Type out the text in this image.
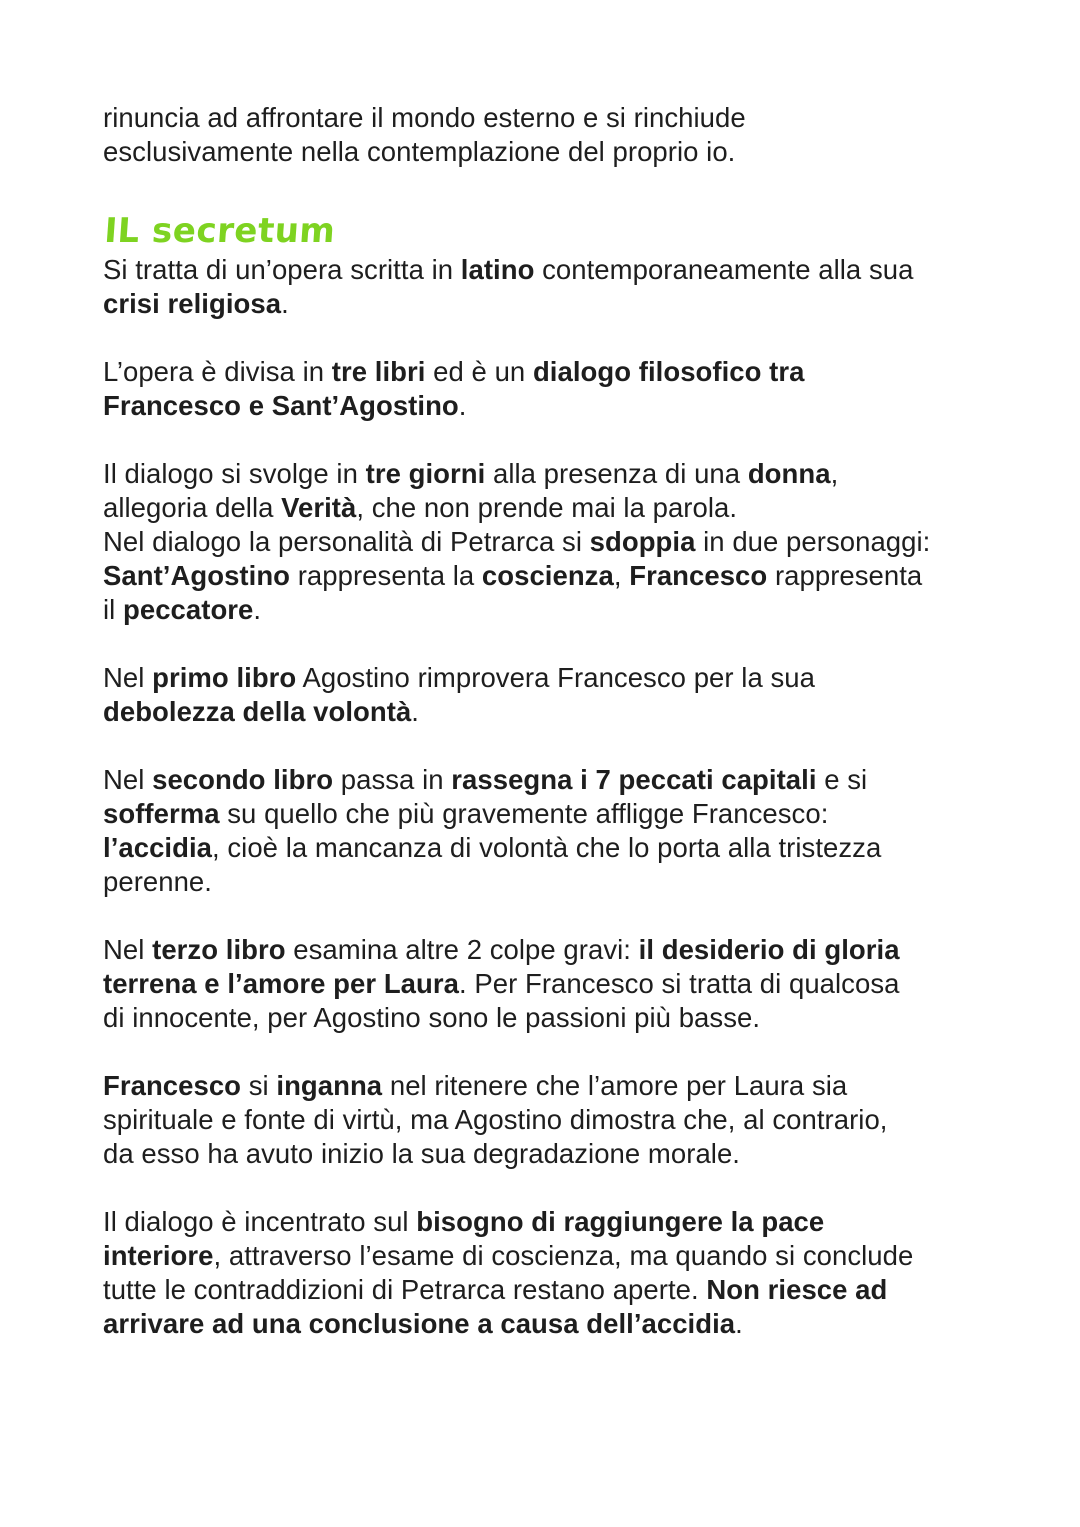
rinuncia ad affrontare il mondo esterno e si rinchiude esclusivamente nella contemplazione del proprio io.

IL secretum

Si tratta di un’opera scritta in latino contemporaneamente alla sua
crisi religiosa.

L’opera è divisa in tre libri ed è un dialogo filosofico tra
Francesco e Sant’Agostino.

Il dialogo si svolge in tre giorni alla presenza di una donna,
allegoria della Verità, che non prende mai la parola.
Nel dialogo la personalità di Petrarca si sdoppia in due personaggi:
Sant’Agostino rappresenta la coscienza, Francesco rappresenta
il peccatore.

Nel primo libro Agostino rimprovera Francesco per la sua
debolezza della volontà.

Nel secondo libro passa in rassegna i 7 peccati capitali e si
sofferma su quello che più gravemente affligge Francesco:
l’accidia, cioè la mancanza di volontà che lo porta alla tristezza
perenne.

Nel terzo libro esamina altre 2 colpe gravi: il desiderio di gloria
terrena e l’amore per Laura. Per Francesco si tratta di qualcosa
di innocente, per Agostino sono le passioni più basse.

Francesco si inganna nel ritenere che l’amore per Laura sia
spirituale e fonte di virtù, ma Agostino dimostra che, al contrario,
da esso ha avuto inizio la sua degradazione morale.

Il dialogo è incentrato sul bisogno di raggiungere la pace
interiore, attraverso l’esame di coscienza, ma quando si conclude
tutte le contraddizioni di Petrarca restano aperte. Non riesce ad
arrivare ad una conclusione a causa dell’accidia.
